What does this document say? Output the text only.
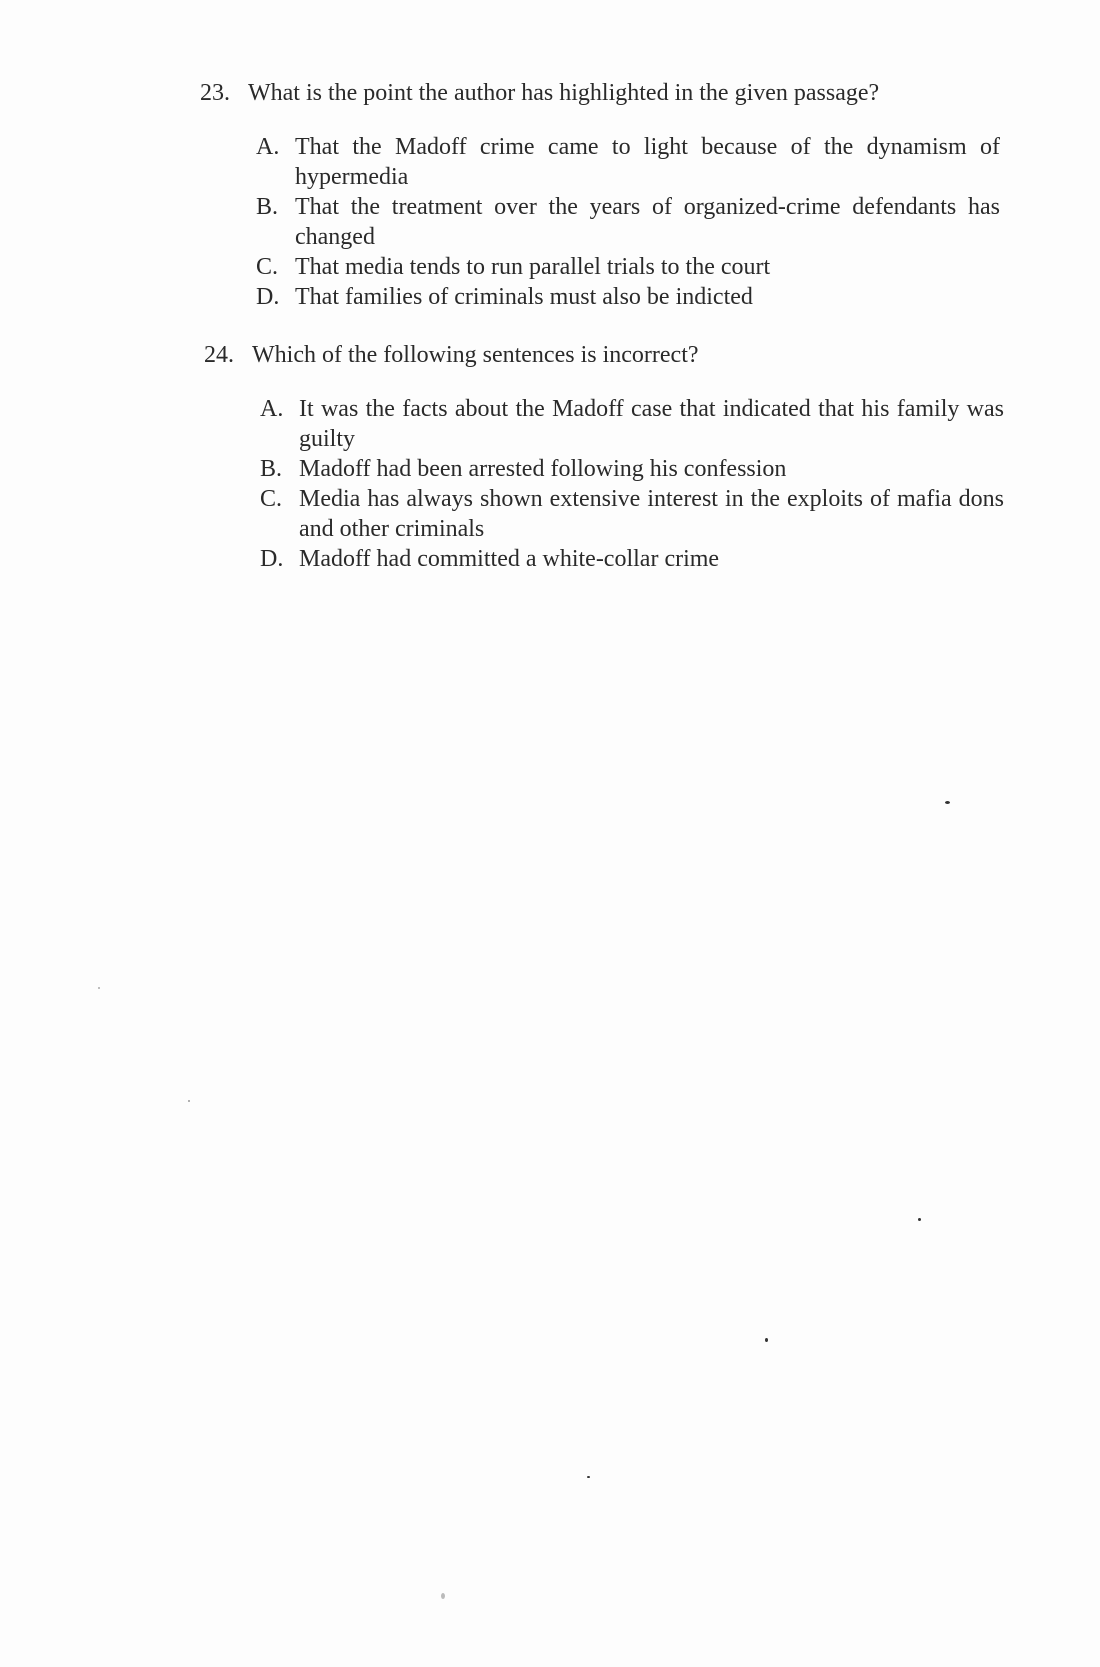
23. What is the point the author has highlighted in the given passage?

A. That the Madoff crime came to light because of the dynamism of hypermedia
B. That the treatment over the years of organized-crime defendants has changed
C. That media tends to run parallel trials to the court
D. That families of criminals must also be indicted

24. Which of the following sentences is incorrect?

A. It was the facts about the Madoff case that indicated that his family was guilty
B. Madoff had been arrested following his confession
C. Media has always shown extensive interest in the exploits of mafia dons and other criminals
D. Madoff had committed a white-collar crime
